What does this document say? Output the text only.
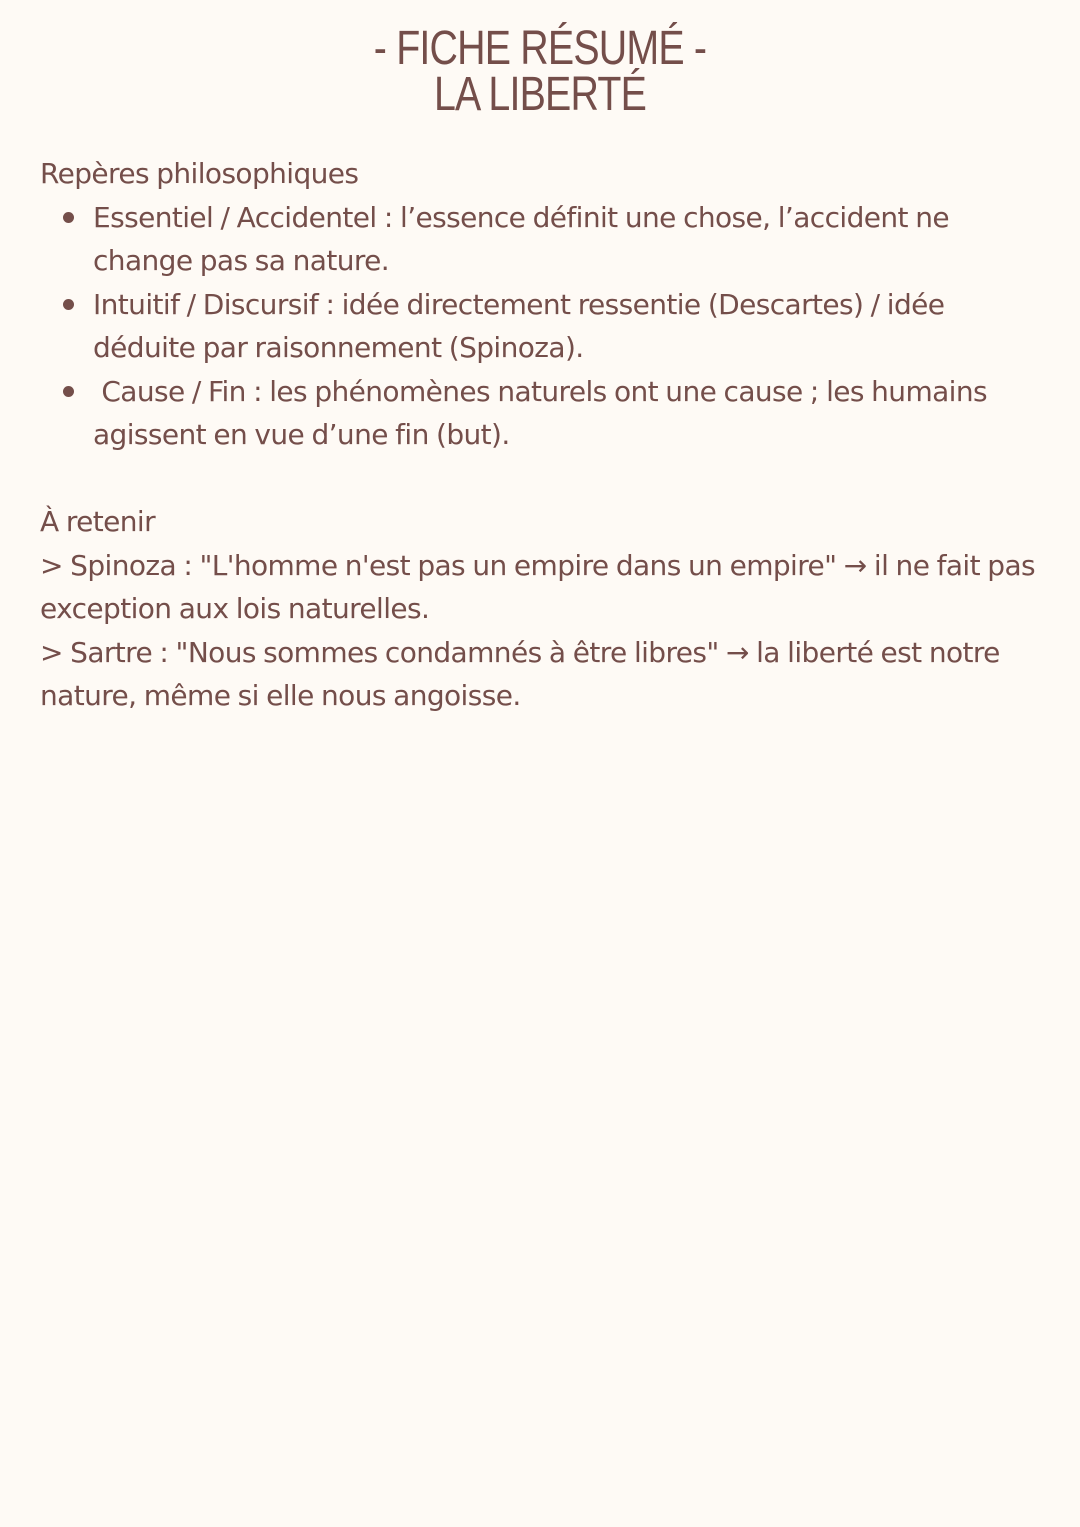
- FICHE RÉSUMÉ -
LA LIBERTÉ
Repères philosophiques
Essentiel / Accidentel : l’essence définit une chose, l’accident ne change pas sa nature.
Intuitif / Discursif : idée directement ressentie (Descartes) / idée déduite par raisonnement (Spinoza).
Cause / Fin : les phénomènes naturels ont une cause ; les humains agissent en vue d’une fin (but).
À retenir
> Spinoza : "L'homme n'est pas un empire dans un empire" → il ne fait pas exception aux lois naturelles.
> Sartre : "Nous sommes condamnés à être libres" → la liberté est notre nature, même si elle nous angoisse.
